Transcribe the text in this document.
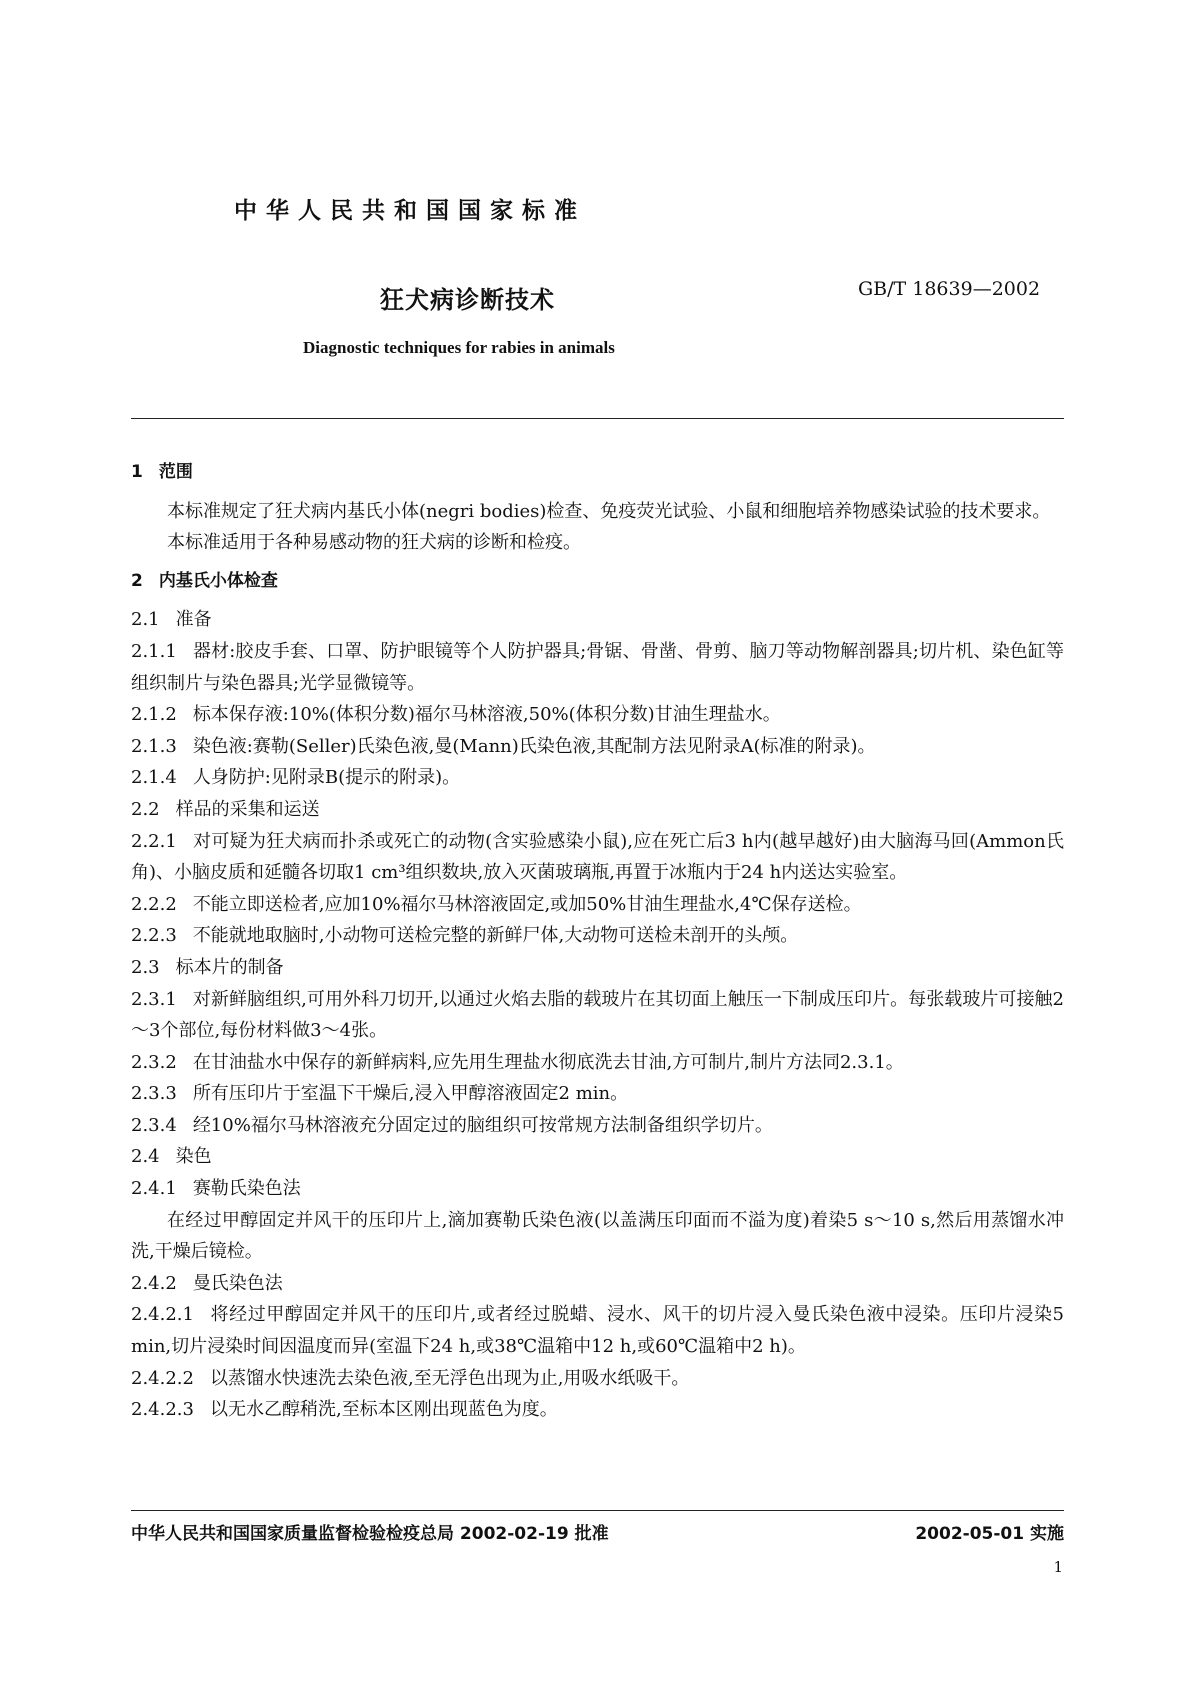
中华人民共和国国家标准
狂犬病诊断技术	GB/T 18639—2002
Diagnostic techniques for rabies in animals
1 范围
本标准规定了狂犬病内基氏小体(negri bodies)检查、免疫荧光试验、小鼠和细胞培养物感染试验的技术要求。
本标准适用于各种易感动物的狂犬病的诊断和检疫。
2 内基氏小体检查
2.1 准备
2.1.1 器材:胶皮手套、口罩、防护眼镜等个人防护器具;骨锯、骨凿、骨剪、脑刀等动物解剖器具;切片机、染色缸等组织制片与染色器具;光学显微镜等。
2.1.2 标本保存液:10%(体积分数)福尔马林溶液,50%(体积分数)甘油生理盐水。
2.1.3 染色液:赛勒(Seller)氏染色液,曼(Mann)氏染色液,其配制方法见附录A(标准的附录)。
2.1.4 人身防护:见附录B(提示的附录)。
2.2 样品的采集和运送
2.2.1 对可疑为狂犬病而扑杀或死亡的动物(含实验感染小鼠),应在死亡后3 h内(越早越好)由大脑海马回(Ammon氏角)、小脑皮质和延髓各切取1 cm³组织数块,放入灭菌玻璃瓶,再置于冰瓶内于24 h内送达实验室。
2.2.2 不能立即送检者,应加10%福尔马林溶液固定,或加50%甘油生理盐水,4℃保存送检。
2.2.3 不能就地取脑时,小动物可送检完整的新鲜尸体,大动物可送检未剖开的头颅。
2.3 标本片的制备
2.3.1 对新鲜脑组织,可用外科刀切开,以通过火焰去脂的载玻片在其切面上触压一下制成压印片。每张载玻片可接触2～3个部位,每份材料做3～4张。
2.3.2 在甘油盐水中保存的新鲜病料,应先用生理盐水彻底洗去甘油,方可制片,制片方法同2.3.1。
2.3.3 所有压印片于室温下干燥后,浸入甲醇溶液固定2 min。
2.3.4 经10%福尔马林溶液充分固定过的脑组织可按常规方法制备组织学切片。
2.4 染色
2.4.1 赛勒氏染色法
在经过甲醇固定并风干的压印片上,滴加赛勒氏染色液(以盖满压印面而不溢为度)着染5 s～10 s,然后用蒸馏水冲洗,干燥后镜检。
2.4.2 曼氏染色法
2.4.2.1 将经过甲醇固定并风干的压印片,或者经过脱蜡、浸水、风干的切片浸入曼氏染色液中浸染。压印片浸染5 min,切片浸染时间因温度而异(室温下24 h,或38℃温箱中12 h,或60℃温箱中2 h)。
2.4.2.2 以蒸馏水快速洗去染色液,至无浮色出现为止,用吸水纸吸干。
2.4.2.3 以无水乙醇稍洗,至标本区刚出现蓝色为度。
中华人民共和国国家质量监督检验检疫总局 2002-02-19 批准	2002-05-01 实施
1
